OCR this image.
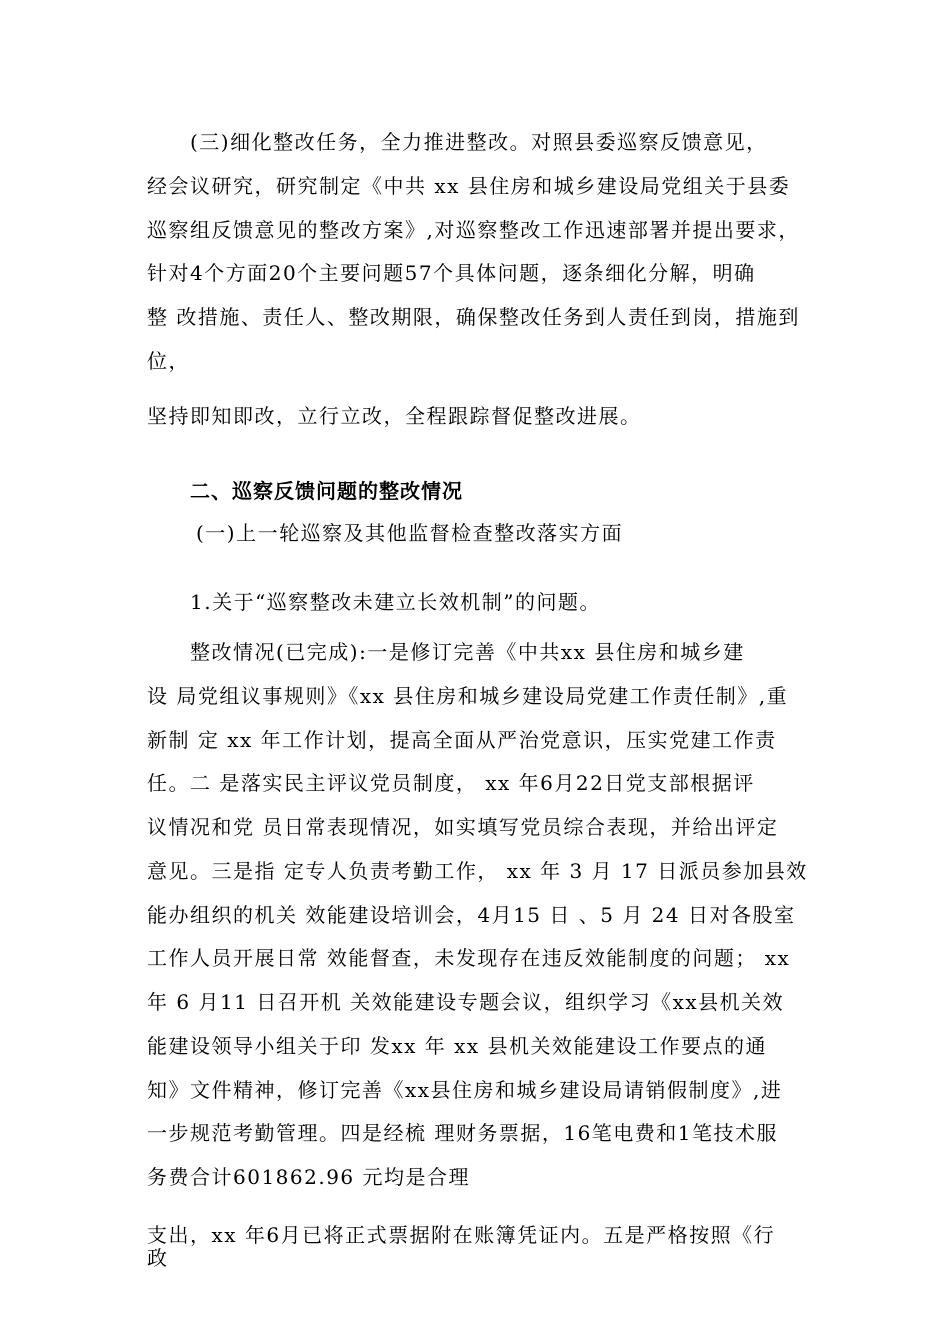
(三)细化整改任务，全力推进整改。对照县委巡察反馈意见，
经会议研究，研究制定《中共 xx 县住房和城乡建设局党组关于县委
巡察组反馈意见的整改方案》,对巡察整改工作迅速部署并提出要求，
针对4个方面20个主要问题57个具体问题，逐条细化分解，明确
整 改措施、责任人、整改期限，确保整改任务到人责任到岗，措施到
位，
坚持即知即改，立行立改，全程跟踪督促整改进展。
二、巡察反馈问题的整改情况
(一)上一轮巡察及其他监督检查整改落实方面
1.关于“巡察整改未建立长效机制”的问题。
整改情况(已完成):一是修订完善《中共xx 县住房和城乡建
设 局党组议事规则》《xx 县住房和城乡建设局党建工作责任制》,重
新制 定 xx 年工作计划，提高全面从严治党意识，压实党建工作责
任。二 是落实民主评议党员制度， xx 年6月22日党支部根据评
议情况和党 员日常表现情况，如实填写党员综合表现，并给出评定
意见。三是指 定专人负责考勤工作， xx 年 3 月 17 日派员参加县效
能办组织的机关 效能建设培训会，4月15 日 、5 月 24 日对各股室
工作人员开展日常 效能督查，未发现存在违反效能制度的问题； xx
年 6 月11 日召开机 关效能建设专题会议，组织学习《xx县机关效
能建设领导小组关于印 发xx 年 xx 县机关效能建设工作要点的通
知》文件精神，修订完善《xx县住房和城乡建设局请销假制度》,进
一步规范考勤管理。四是经梳 理财务票据，16笔电费和1笔技术服
务费合计601862.96 元均是合理
支出，xx 年6月已将正式票据附在账簿凭证内。五是严格按照《行
政
